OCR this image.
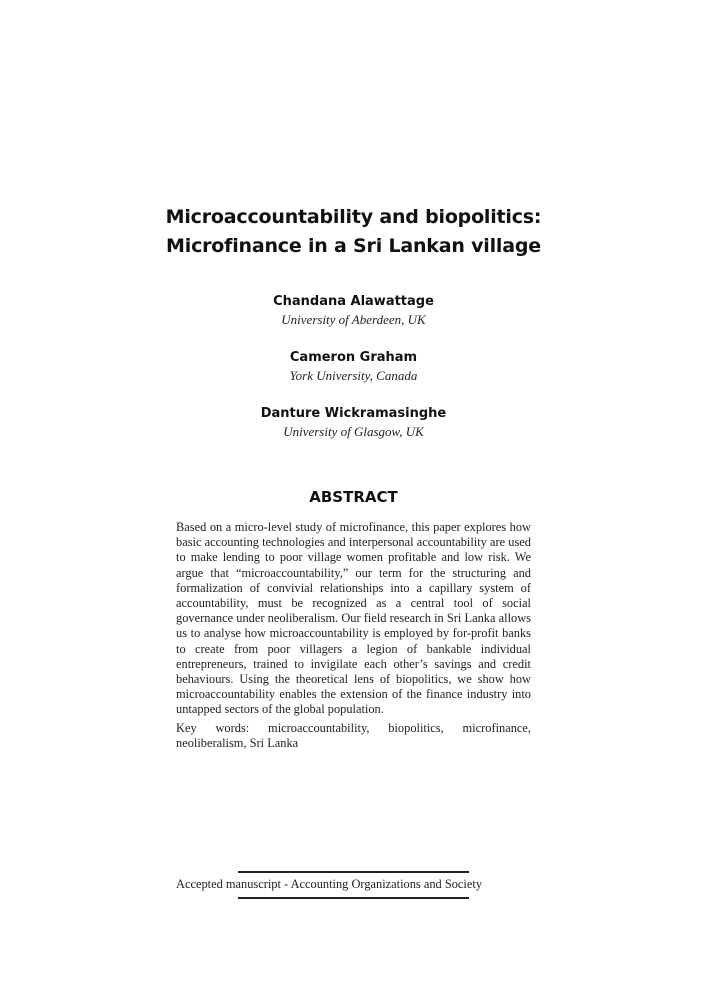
Microaccountability and biopolitics:
Microfinance in a Sri Lankan village
Chandana Alawattage
University of Aberdeen, UK
Cameron Graham
York University, Canada
Danture Wickramasinghe
University of Glasgow, UK
ABSTRACT
Based on a micro-level study of microfinance, this paper explores how basic accounting technologies and interpersonal accountability are used to make lending to poor village women profitable and low risk. We argue that “microaccountability,” our term for the structuring and formalization of convivial relationships into a capillary system of accountability, must be recognized as a central tool of social governance under neoliberalism. Our field research in Sri Lanka allows us to analyse how microaccountability is employed by for-profit banks to create from poor villagers a legion of bankable individual entrepreneurs, trained to invigilate each other’s savings and credit behaviours. Using the theoretical lens of biopolitics, we show how microaccountability enables the extension of the finance industry into untapped sectors of the global population.
Key words: microaccountability, biopolitics, microfinance, neoliberalism, Sri Lanka
Accepted manuscript - Accounting Organizations and Society
